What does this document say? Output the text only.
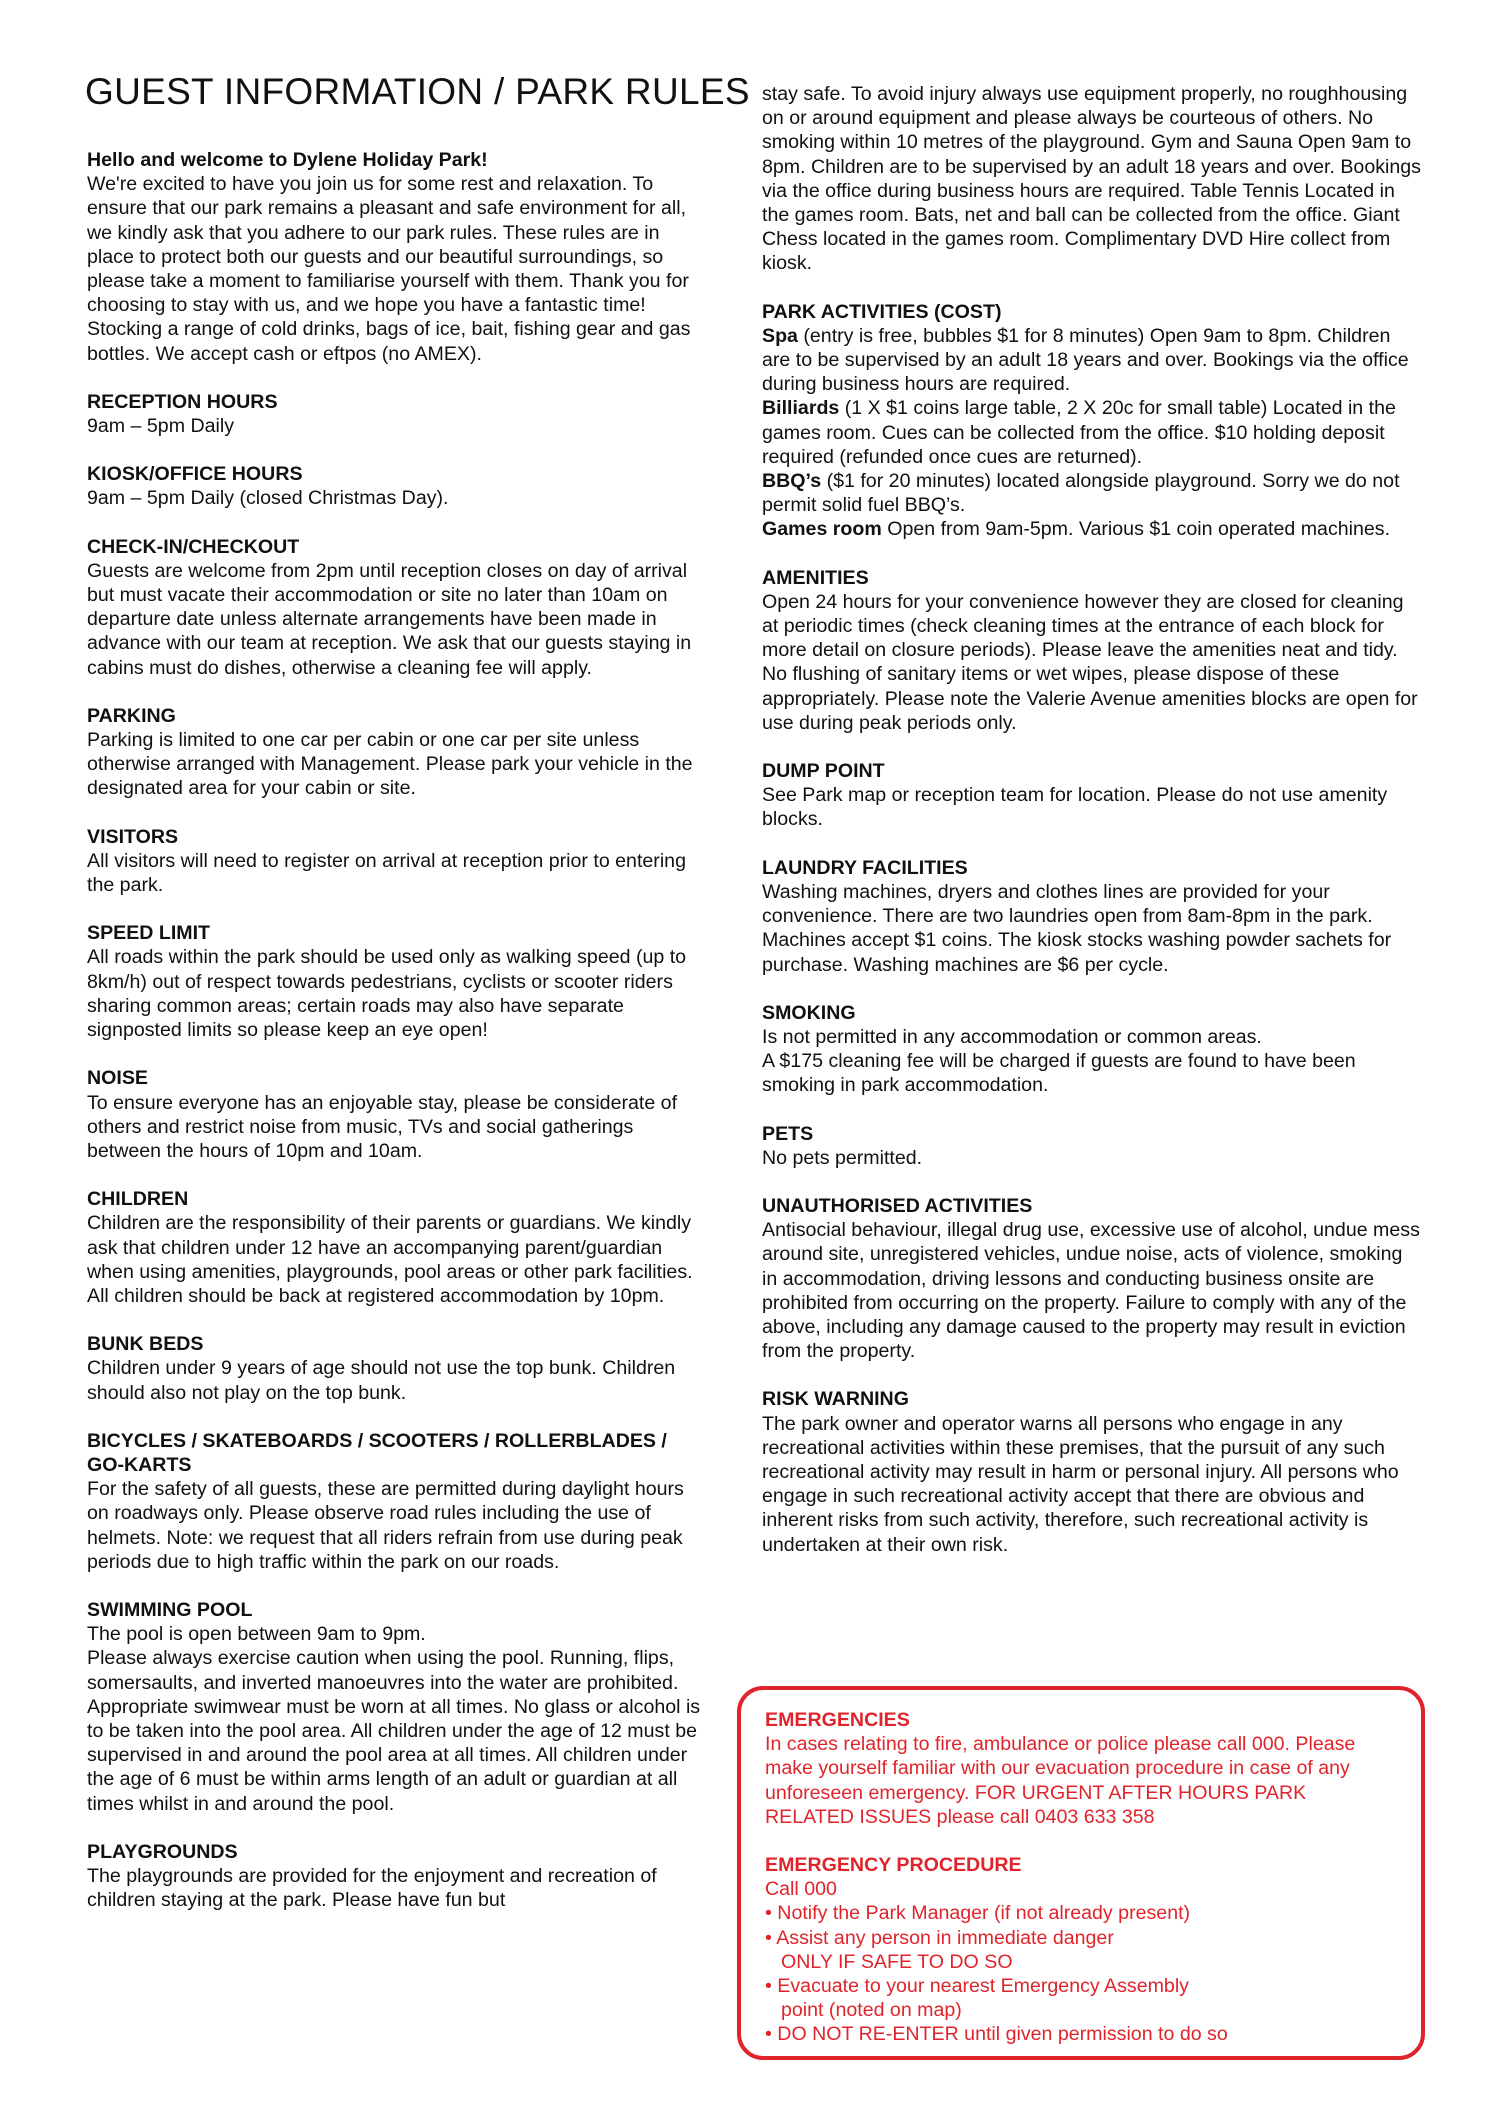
GUEST INFORMATION / PARK RULES
Hello and welcome to Dylene Holiday Park!

We're excited to have you join us for some rest and relaxation. To ensure that our park remains a pleasant and safe environment for all, we kindly ask that you adhere to our park rules. These rules are in place to protect both our guests and our beautiful surroundings, so please take a moment to familiarise yourself with them. Thank you for choosing to stay with us, and we hope you have a fantastic time! Stocking a range of cold drinks, bags of ice, bait, fishing gear and gas bottles. We accept cash or eftpos (no AMEX).

RECEPTION HOURS

9am – 5pm Daily

KIOSK/OFFICE HOURS

9am – 5pm Daily (closed Christmas Day).

CHECK-IN/CHECKOUT

Guests are welcome from 2pm until reception closes on day of arrival but must vacate their accommodation or site no later than 10am on departure date unless alternate arrangements have been made in advance with our team at reception. We ask that our guests staying in cabins must do dishes, otherwise a cleaning fee will apply.

PARKING

Parking is limited to one car per cabin or one car per site unless otherwise arranged with Management. Please park your vehicle in the designated area for your cabin or site.

VISITORS

All visitors will need to register on arrival at reception prior to entering the park.

SPEED LIMIT

All roads within the park should be used only as walking speed (up to 8km/h) out of respect towards pedestrians, cyclists or scooter riders sharing common areas; certain roads may also have separate signposted limits so please keep an eye open!

NOISE

To ensure everyone has an enjoyable stay, please be considerate of others and restrict noise from music, TVs and social gatherings between the hours of 10pm and 10am.

CHILDREN

Children are the responsibility of their parents or guardians. We kindly ask that children under 12 have an accompanying parent/guardian when using amenities, playgrounds, pool areas or other park facilities. All children should be back at registered accommodation by 10pm.

BUNK BEDS

Children under 9 years of age should not use the top bunk. Children should also not play on the top bunk.

BICYCLES / SKATEBOARDS / SCOOTERS / ROLLERBLADES / GO-KARTS

For the safety of all guests, these are permitted during daylight hours on roadways only. Please observe road rules including the use of helmets. Note: we request that all riders refrain from use during peak periods due to high traffic within the park on our roads.

SWIMMING POOL

The pool is open between 9am to 9pm.

Please always exercise caution when using the pool. Running, flips, somersaults, and inverted manoeuvres into the water are prohibited. Appropriate swimwear must be worn at all times. No glass or alcohol is to be taken into the pool area. All children under the age of 12 must be supervised in and around the pool area at all times. All children under the age of 6 must be within arms length of an adult or guardian at all times whilst in and around the pool.

PLAYGROUNDS

The playgrounds are provided for the enjoyment and recreation of children staying at the park. Please have fun but

stay safe. To avoid injury always use equipment properly, no roughhousing on or around equipment and please always be courteous of others. No smoking within 10 metres of the playground. Gym and Sauna Open 9am to 8pm. Children are to be supervised by an adult 18 years and over. Bookings via the office during business hours are required. Table Tennis Located in the games room. Bats, net and ball can be collected from the office. Giant Chess located in the games room. Complimentary DVD Hire collect from kiosk.

PARK ACTIVITIES (COST)

Spa (entry is free, bubbles $1 for 8 minutes) Open 9am to 8pm. Children are to be supervised by an adult 18 years and over. Bookings via the office during business hours are required.

Billiards (1 X $1 coins large table, 2 X 20c for small table) Located in the games room. Cues can be collected from the office. $10 holding deposit required (refunded once cues are returned).

BBQ’s ($1 for 20 minutes) located alongside playground. Sorry we do not permit solid fuel BBQ’s.

Games room Open from 9am-5pm. Various $1 coin operated machines.

AMENITIES

Open 24 hours for your convenience however they are closed for cleaning at periodic times (check cleaning times at the entrance of each block for more detail on closure periods). Please leave the amenities neat and tidy. No flushing of sanitary items or wet wipes, please dispose of these appropriately. Please note the Valerie Avenue amenities blocks are open for use during peak periods only.

DUMP POINT

See Park map or reception team for location. Please do not use amenity blocks.

LAUNDRY FACILITIES

Washing machines, dryers and clothes lines are provided for your convenience. There are two laundries open from 8am-8pm in the park. Machines accept $1 coins. The kiosk stocks washing powder sachets for purchase. Washing machines are $6 per cycle.

SMOKING

Is not permitted in any accommodation or common areas.

A $175 cleaning fee will be charged if guests are found to have been smoking in park accommodation.

PETS

No pets permitted.

UNAUTHORISED ACTIVITIES

Antisocial behaviour, illegal drug use, excessive use of alcohol, undue mess around site, unregistered vehicles, undue noise, acts of violence, smoking in accommodation, driving lessons and conducting business onsite are prohibited from occurring on the property. Failure to comply with any of the above, including any damage caused to the property may result in eviction from the property.

RISK WARNING

The park owner and operator warns all persons who engage in any recreational activities within these premises, that the pursuit of any such recreational activity may result in harm or personal injury. All persons who engage in such recreational activity accept that there are obvious and inherent risks from such activity, therefore, such recreational activity is undertaken at their own risk.

EMERGENCIES

In cases relating to fire, ambulance or police please call 000. Please make yourself familiar with our evacuation procedure in case of any unforeseen emergency. FOR URGENT AFTER HOURS PARK RELATED ISSUES please call 0403 633 358

EMERGENCY PROCEDURE

Call 000

• Notify the Park Manager (if not already present)
• Assist any person in immediate danger
ONLY IF SAFE TO DO SO
• Evacuate to your nearest Emergency Assembly
point (noted on map)
• DO NOT RE-ENTER until given permission to do so
